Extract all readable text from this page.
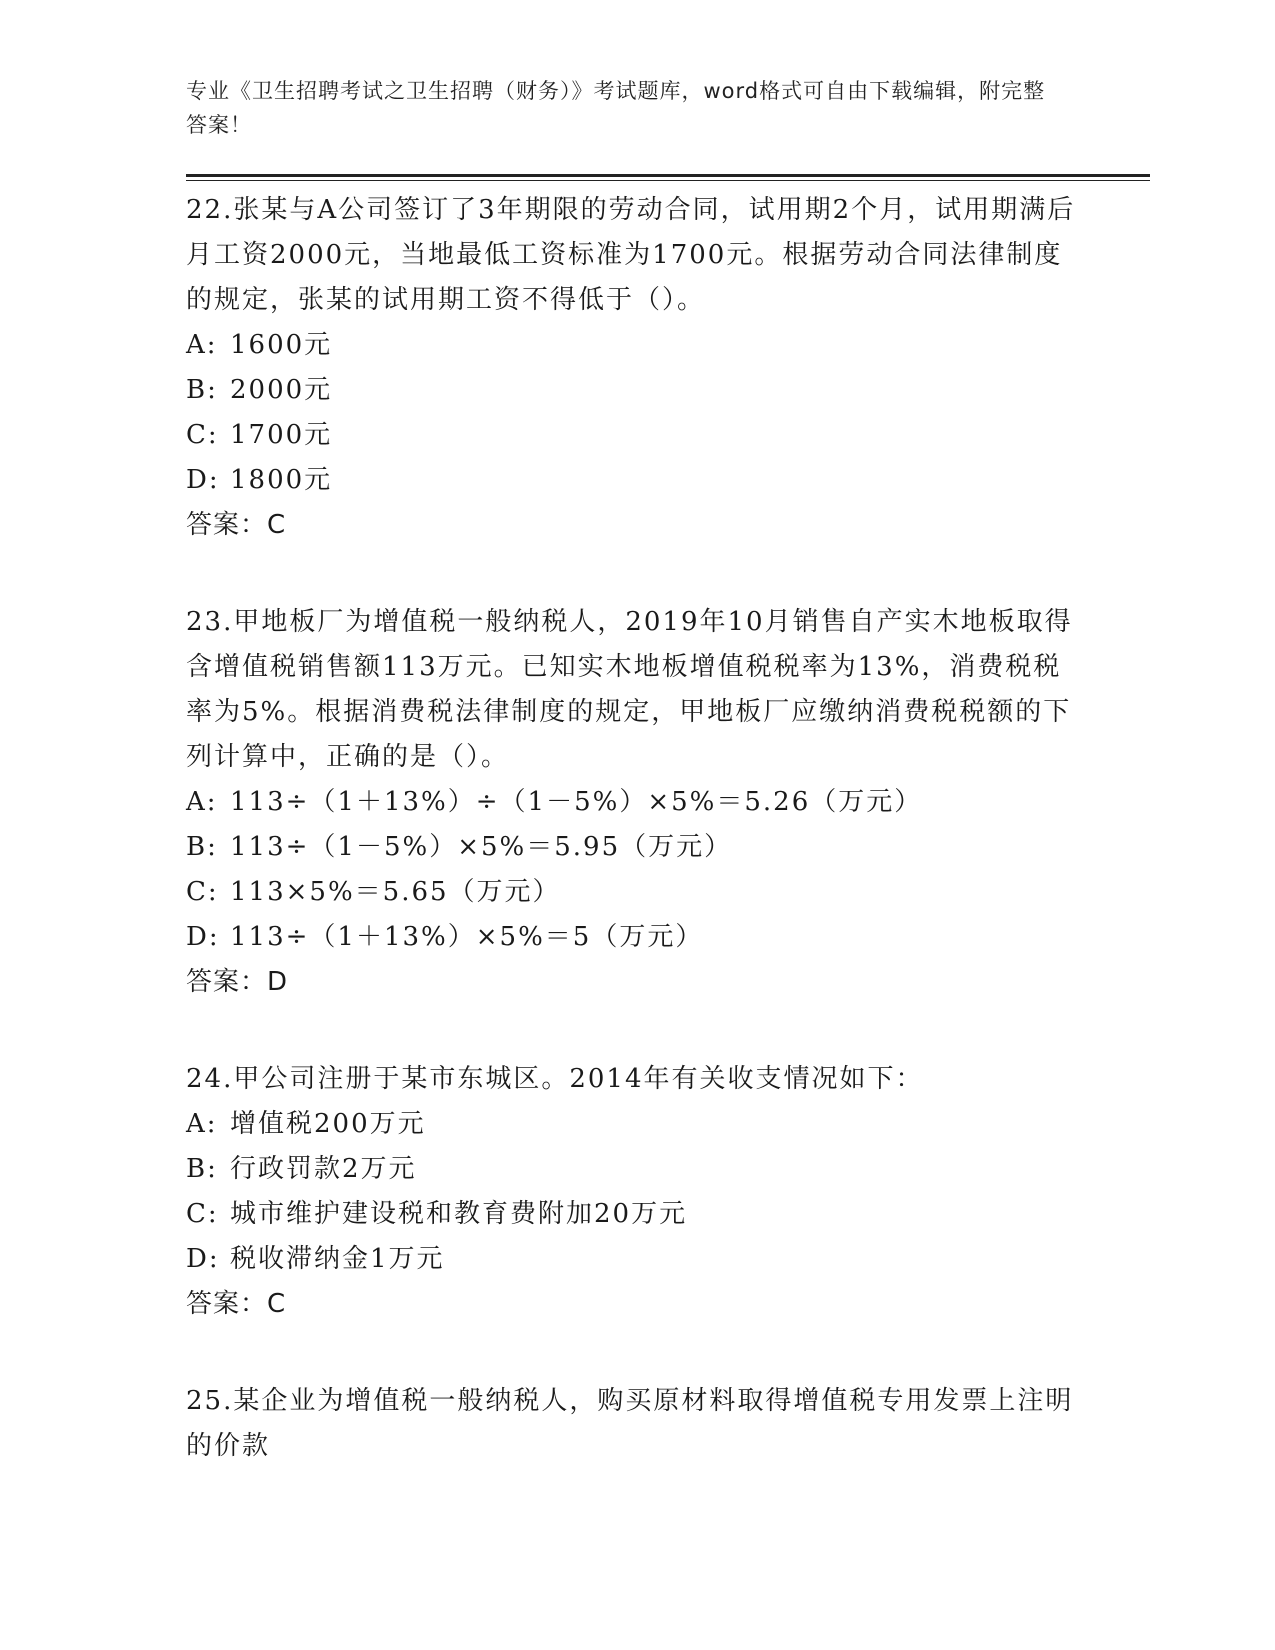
专业《卫生招聘考试之卫生招聘（财务）》考试题库，word格式可自由下载编辑，附完整答案！
22.张某与A公司签订了3年期限的劳动合同，试用期2个月，试用期满后月工资2000元，当地最低工资标准为1700元。根据劳动合同法律制度的规定，张某的试用期工资不得低于（）。
A: 1600元
B: 2000元
C: 1700元
D: 1800元
答案：C
23.甲地板厂为增值税一般纳税人，2019年10月销售自产实木地板取得含增值税销售额113万元。已知实木地板增值税税率为13%，消费税税率为5%。根据消费税法律制度的规定，甲地板厂应缴纳消费税税额的下列计算中，正确的是（）。
A: 113÷（1＋13%）÷（1－5%）×5%＝5.26（万元）
B: 113÷（1－5%）×5%＝5.95（万元）
C: 113×5%＝5.65（万元）
D: 113÷（1＋13%）×5%＝5（万元）
答案：D
24.甲公司注册于某市东城区。2014年有关收支情况如下：
A: 增值税200万元
B: 行政罚款2万元
C: 城市维护建设税和教育费附加20万元
D: 税收滞纳金1万元
答案：C
25.某企业为增值税一般纳税人，购买原材料取得增值税专用发票上注明的价款
